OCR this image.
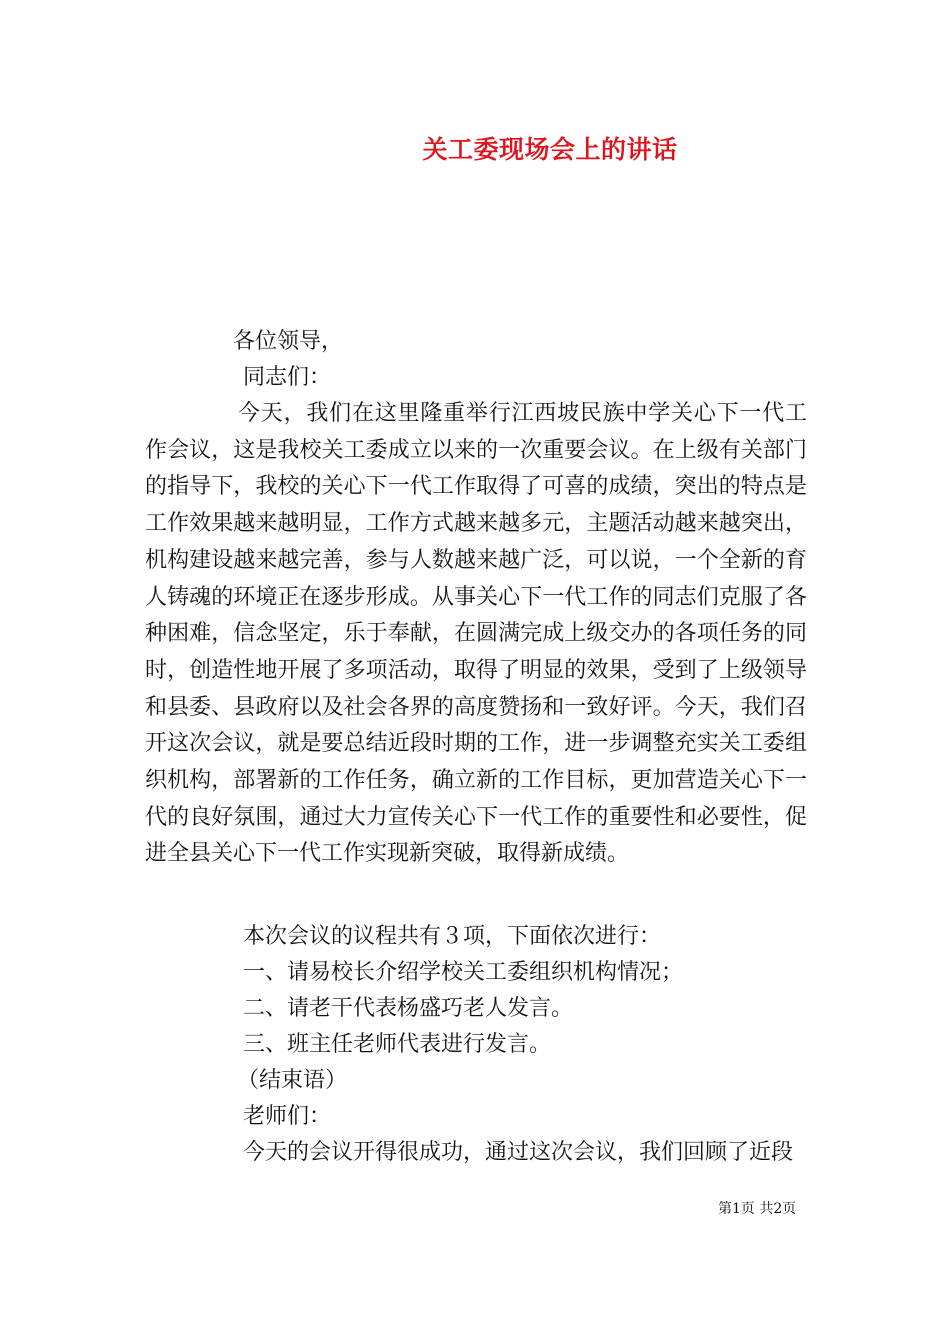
关工委现场会上的讲话
各位领导，
同志们：

今天，我们在这里隆重举行江西坡民族中学关心下一代工作会议，这是我校关工委成立以来的一次重要会议。在上级有关部门的指导下，我校的关心下一代工作取得了可喜的成绩，突出的特点是工作效果越来越明显，工作方式越来越多元，主题活动越来越突出，机构建设越来越完善，参与人数越来越广泛，可以说，一个全新的育人铸魂的环境正在逐步形成。从事关心下一代工作的同志们克服了各种困难，信念坚定，乐于奉献，在圆满完成上级交办的各项任务的同时，创造性地开展了多项活动，取得了明显的效果，受到了上级领导和县委、县政府以及社会各界的高度赞扬和一致好评。今天，我们召开这次会议，就是要总结近段时期的工作，进一步调整充实关工委组织机构，部署新的工作任务，确立新的工作目标，更加营造关心下一代的良好氛围，通过大力宣传关心下一代工作的重要性和必要性，促进全县关心下一代工作实现新突破，取得新成绩。

本次会议的议程共有３项，下面依次进行：
一、请易校长介绍学校关工委组织机构情况；
二、请老干代表杨盛巧老人发言。
三、班主任老师代表进行发言。
（结束语）
老师们：
今天的会议开得很成功，通过这次会议，我们回顾了近段
第1页 共2页
